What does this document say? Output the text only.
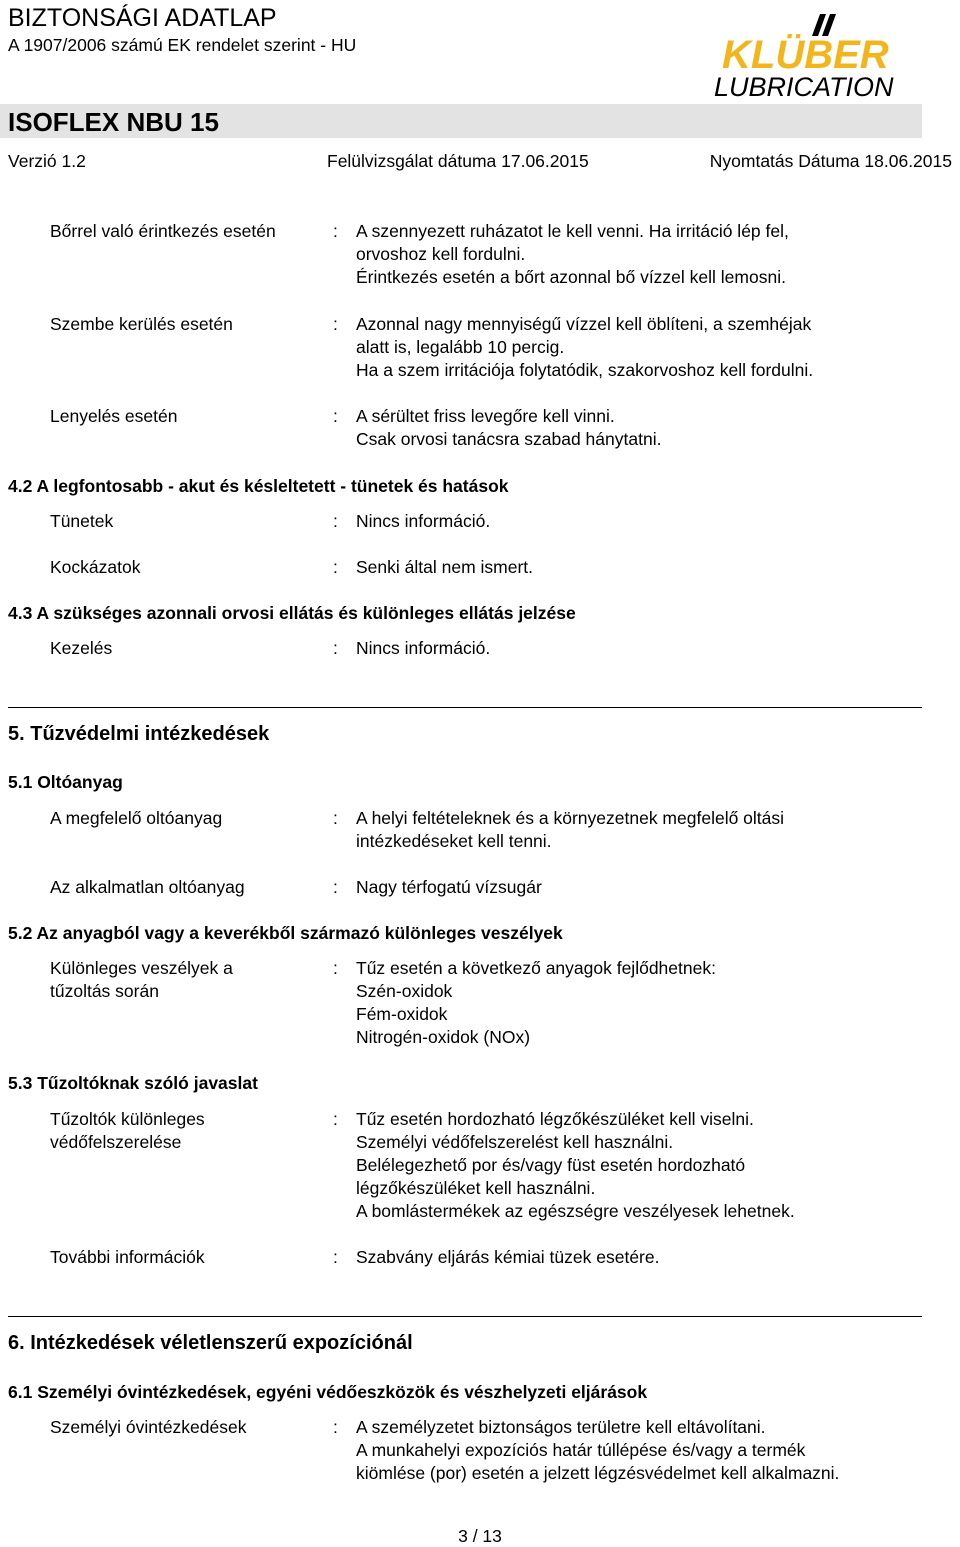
BIZTONSÁGI ADATLAP
A 1907/2006 számú EK rendelet szerint - HU	KLÜBER
LUBRICATION
ISOFLEX NBU 15
Verzió 1.2	Felülvizsgálat dátuma 17.06.2015	Nyomtatás Dátuma 18.06.2015
Bőrrel való érintkezés esetén	: A szennyezett ruházatot le kell venni. Ha irritáció lép fel,
orvoshoz kell fordulni.
Érintkezés esetén a bőrt azonnal bő vízzel kell lemosni.
Szembe kerülés esetén	: Azonnal nagy mennyiségű vízzel kell öblíteni, a szemhéjak
alatt is, legalább 10 percig.
Ha a szem irritációja folytatódik, szakorvoshoz kell fordulni.
Lenyelés esetén	: A sérültet friss levegőre kell vinni.
Csak orvosi tanácsra szabad hánytatni.
4.2 A legfontosabb - akut és késleltetett - tünetek és hatások
Tünetek	: Nincs információ.
Kockázatok	: Senki által nem ismert.
4.3 A szükséges azonnali orvosi ellátás és különleges ellátás jelzése
Kezelés	: Nincs információ.
5. Tűzvédelmi intézkedések
5.1 Oltóanyag
A megfelelő oltóanyag	: A helyi feltételeknek és a környezetnek megfelelő oltási
intézkedéseket kell tenni.
Az alkalmatlan oltóanyag	: Nagy térfogatú vízsugár
5.2 Az anyagból vagy a keverékből származó különleges veszélyek
Különleges veszélyek a tűzoltás során
: Tűz esetén a következő anyagok fejlődhetnek:
Szén-oxidok
Fém-oxidok
Nitrogén-oxidok (NOx)
5.3 Tűzoltóknak szóló javaslat
Tűzoltók különleges védőfelszerelése
: Tűz esetén hordozható légzőkészüléket kell viselni.
Személyi védőfelszerelést kell használni.
Belélegezhető por és/vagy füst esetén hordozható
légzőkészüléket kell használni.
A bomlástermékek az egészségre veszélyesek lehetnek.
További információk	: Szabvány eljárás kémiai tüzek esetére.
6. Intézkedések véletlenszerű expozíciónál
6.1 Személyi óvintézkedések, egyéni védőeszközök és vészhelyzeti eljárások
Személyi óvintézkedések	: A személyzetet biztonságos területre kell eltávolítani.
A munkahelyi expozíciós határ túllépése és/vagy a termék
kiömlése (por) esetén a jelzett légzésvédelmet kell alkalmazni.
3 / 13
